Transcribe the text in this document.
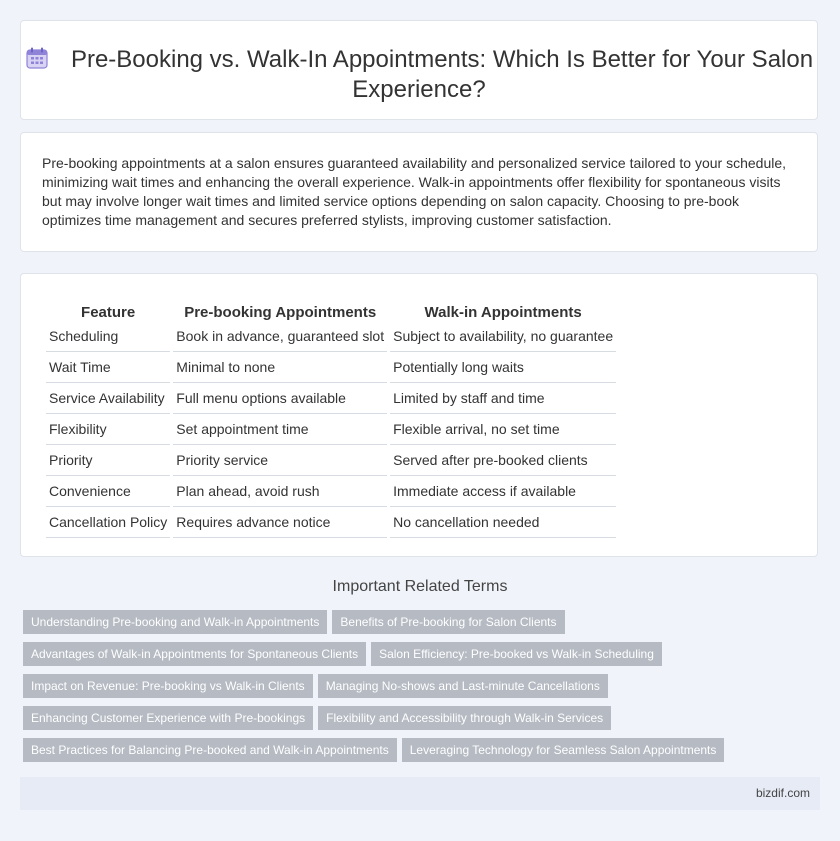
Pre-Booking vs. Walk-In Appointments: Which Is Better for Your Salon Experience?
Pre-booking appointments at a salon ensures guaranteed availability and personalized service tailored to your schedule, minimizing wait times and enhancing the overall experience. Walk-in appointments offer flexibility for spontaneous visits but may involve longer wait times and limited service options depending on salon capacity. Choosing to pre-book optimizes time management and secures preferred stylists, improving customer satisfaction.
Feature	Pre-booking Appointments	Walk-in Appointments
Scheduling	Book in advance, guaranteed slot	Subject to availability, no guarantee
Wait Time	Minimal to none	Potentially long waits
Service Availability	Full menu options available	Limited by staff and time
Flexibility	Set appointment time	Flexible arrival, no set time
Priority	Priority service	Served after pre-booked clients
Convenience	Plan ahead, avoid rush	Immediate access if available
Cancellation Policy	Requires advance notice	No cancellation needed
Important Related Terms
Understanding Pre-booking and Walk-in Appointments Benefits of Pre-booking for Salon Clients
Advantages of Walk-in Appointments for Spontaneous Clients Salon Efficiency: Pre-booked vs Walk-in Scheduling
Impact on Revenue: Pre-booking vs Walk-in Clients Managing No-shows and Last-minute Cancellations
Enhancing Customer Experience with Pre-bookings Flexibility and Accessibility through Walk-in Services
Best Practices for Balancing Pre-booked and Walk-in Appointments Leveraging Technology for Seamless Salon Appointments
bizdif.com
